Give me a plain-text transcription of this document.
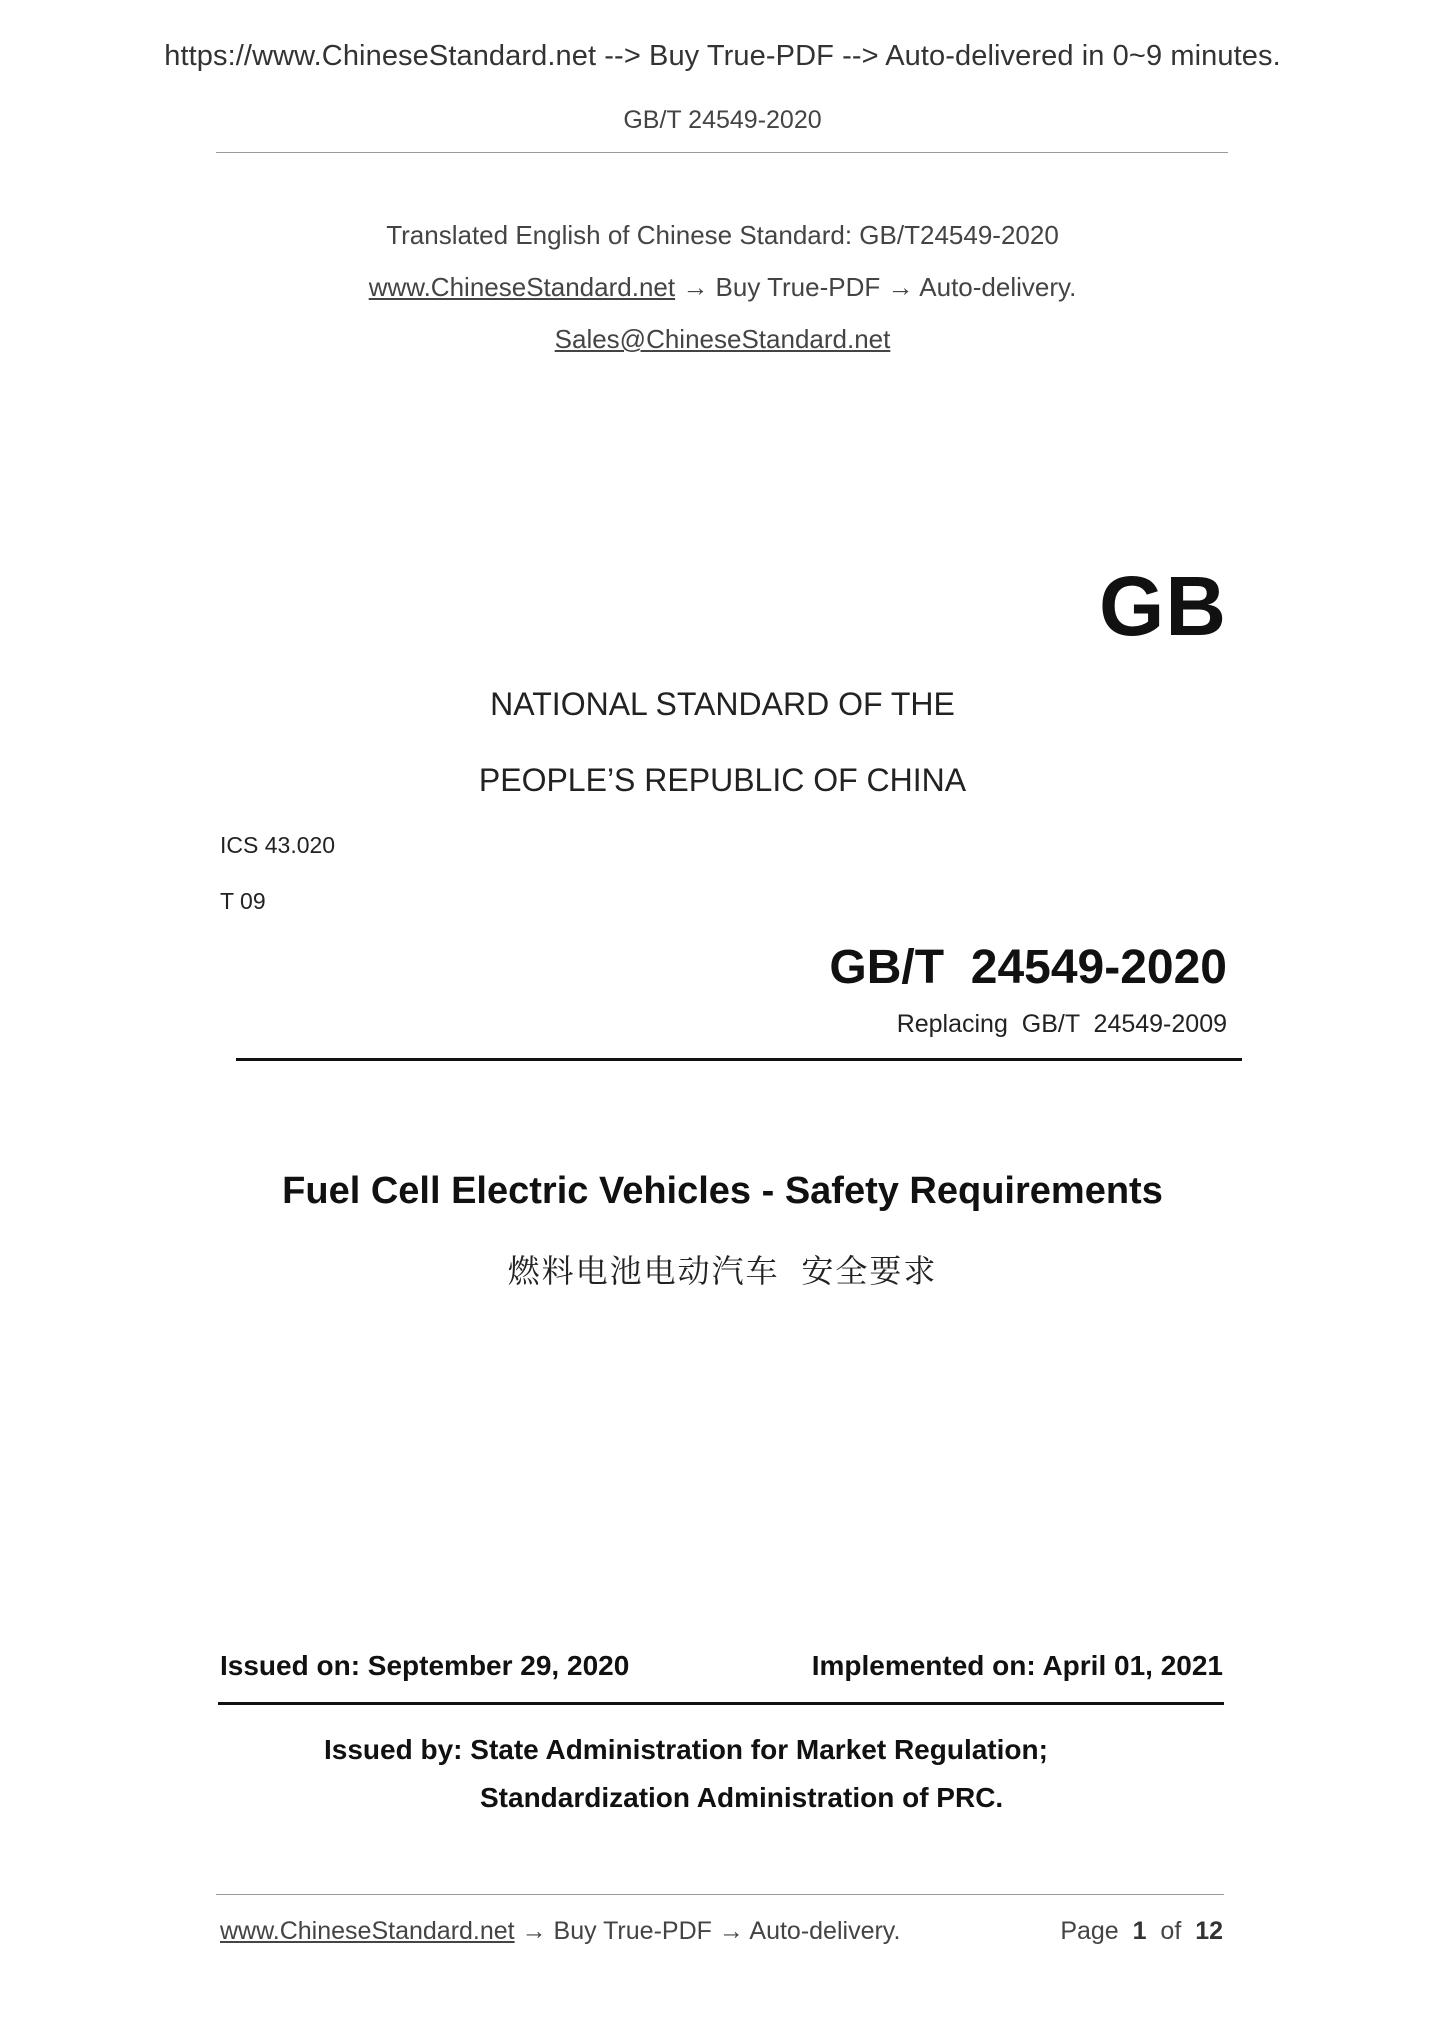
https://www.ChineseStandard.net --> Buy True-PDF --> Auto-delivered in 0~9 minutes.
GB/T 24549-2020
Translated English of Chinese Standard: GB/T24549-2020
www.ChineseStandard.net → Buy True-PDF → Auto-delivery.
Sales@ChineseStandard.net
GB
NATIONAL STANDARD OF THE
PEOPLE’S REPUBLIC OF CHINA
ICS 43.020
T 09
GB/T  24549-2020
Replacing  GB/T  24549-2009
Fuel Cell Electric Vehicles - Safety Requirements
燃料电池电动汽车  安全要求
Issued on: September 29, 2020	Implemented on: April 01, 2021
Issued by: State Administration for Market Regulation;
Standardization Administration of PRC.
www.ChineseStandard.net → Buy True-PDF → Auto-delivery.	Page 1 of 12
